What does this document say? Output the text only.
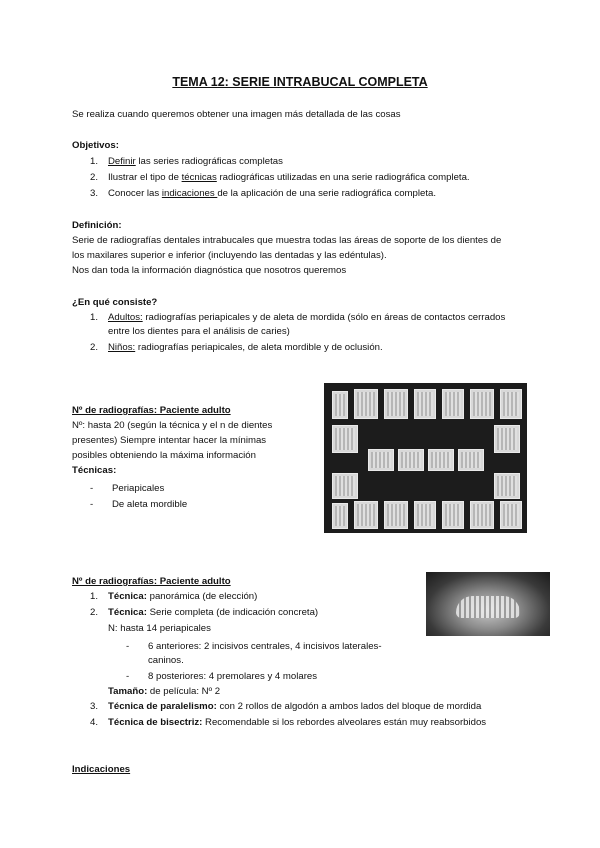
TEMA 12: SERIE INTRABUCAL COMPLETA
Se realiza cuando queremos obtener una imagen más detallada de las cosas
Objetivos:
1. Definir las series radiográficas completas
2. Ilustrar el tipo de técnicas radiográficas utilizadas en una serie radiográfica completa.
3. Conocer las indicaciones de la aplicación de una serie radiográfica completa.
Definición:
Serie de radiografías dentales intrabucales que muestra todas las áreas de soporte de los dientes de
los maxilares superior e inferior (incluyendo las dentadas y las edéntulas).
Nos dan toda la información diagnóstica que nosotros queremos
¿En qué consiste?
1. Adultos: radiografías periapicales y de aleta de mordida (sólo en áreas de contactos cerrados
entre los dientes para el análisis de caries)
2. Niños: radiografías periapicales, de aleta mordible y de oclusión.
Nº de radiografías: Paciente adulto
Nº: hasta 20 (según la técnica y el n de dientes
presentes) Siempre intentar hacer la mínimas
posibles obteniendo la máxima información
Técnicas:
- Periapicales
- De aleta mordible
Nº de radiografías: Paciente adulto
1. Técnica: panorámica (de elección)
2. Técnica: Serie completa (de indicación concreta)
N: hasta 14 periapicales
- 6 anteriores: 2 incisivos centrales, 4 incisivos laterales-
caninos.
- 8 posteriores: 4 premolares y 4 molares
Tamaño: de película: Nº 2
3. Técnica de paralelismo: con 2 rollos de algodón a ambos lados del bloque de mordida
4. Técnica de bisectriz: Recomendable si los rebordes alveolares están muy reabsorbidos
Indicaciones
